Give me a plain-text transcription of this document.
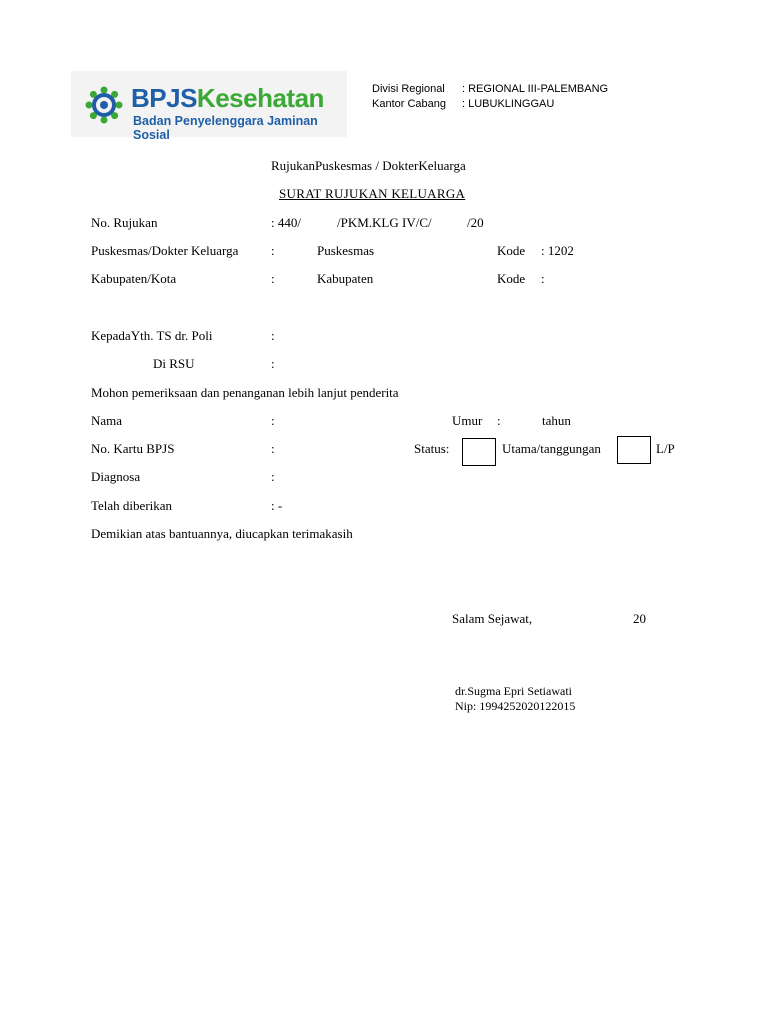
BPJSKesehatan
Badan Penyelenggara Jaminan Sosial
Divisi Regional : REGIONAL III-PALEMBANG
Kantor Cabang : LUBUKLINGGAU
RujukanPuskesmas / DokterKeluarga
SURAT RUJUKAN KELUARGA
No. Rujukan	: 440/	/PKM.KLG IV/C/	/20
Puskesmas/Dokter Keluarga	:	Puskesmas	Kode : 1202
Kabupaten/Kota	:	Kabupaten	Kode :
KepadaYth. TS dr. Poli	:
Di RSU	:
Mohon pemeriksaan dan penanganan lebih lanjut penderita
Nama	:	Umur :	tahun
No. Kartu BPJS	:	Status:	Utama/tanggungan	L/P
Diagnosa	:
Telah diberikan	: -
Demikian atas bantuannya, diucapkan terimakasih
Salam Sejawat,	20
dr.Sugma Epri Setiawati
Nip: 1994252020122015
